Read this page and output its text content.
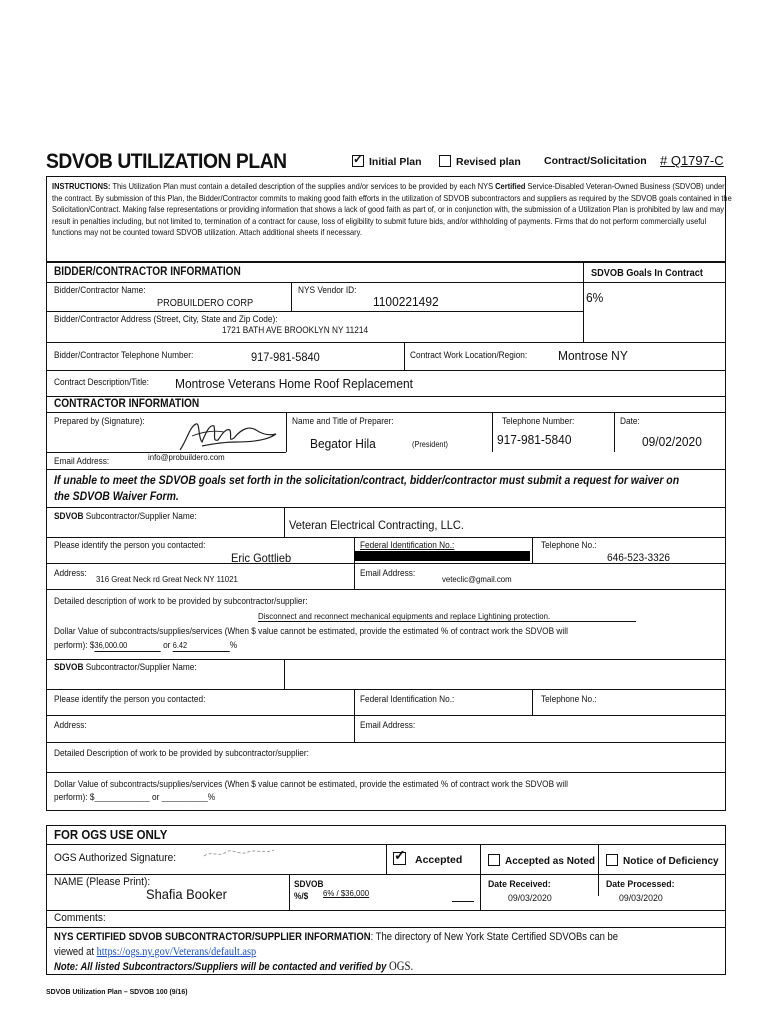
SDVOB UTILIZATION PLAN	✓ Initial Plan	Revised plan Contract/Solicitation # Q1797-C
INSTRUCTIONS: This Utilization Plan must contain a detailed description of the supplies and/or services to be provided by each NYS Certified Service-Disabled Veteran-Owned Business (SDVOB) under the contract. By submission of this Plan, the Bidder/Contractor commits to making good faith efforts in the utilization of SDVOB subcontractors and suppliers as required by the SDVOB goals contained in the Solicitation/Contract. Making false representations or providing information that shows a lack of good faith as part of, or in conjunction with, the submission of a Utilization Plan is prohibited by law and may result in penalties including, but not limited to, termination of a contract for cause, loss of eligibility to submit future bids, and/or withholding of payments. Firms that do not perform commercially useful functions may not be counted toward SDVOB utilization. Attach additional sheets if necessary.
BIDDER/CONTRACTOR INFORMATION	SDVOB Goals In Contract
Bidder/Contractor Name:
PROBUILDERO CORP
NYS Vendor ID:
1100221492	6%
Bidder/Contractor Address (Street, City, State and Zip Code):
1721 BATH AVE BROOKLYN NY 11214
Bidder/Contractor Telephone Number:	917-981-5840	Contract Work Location/Region: Montrose NY
Contract Description/Title: Montrose Veterans Home Roof Replacement
CONTRACTOR INFORMATION
Prepared by (Signature):	Name and Title of Preparer:
Begator Hila	(President)
Telephone Number:
917-981-5840
Date:
09/02/2020
Email Address:	info@probuildero.com
If unable to meet the SDVOB goals set forth in the solicitation/contract, bidder/contractor must submit a request for waiver on the SDVOB Waiver Form.
SDVOB Subcontractor/Supplier Name:
Veteran Electrical Contracting, LLC.
Please identify the person you contacted:
Eric Gottlieb
Federal Identification No.:	Telephone No.:
646-523-3326
Address:
316 Great Neck rd Great Neck NY 11021
Email Address:
veteclic@gmail.com
Detailed description of work to be provided by subcontractor/supplier:
Disconnect and reconnect mechanical equipments and replace Lightining protection.
Dollar Value of subcontracts/supplies/services (When $ value cannot be estimated, provide the estimated % of contract work the SDVOB will
perform): $36,000.00	or 6.42	%
SDVOB Subcontractor/Supplier Name:
Please identify the person you contacted:	Federal Identification No.:	Telephone No.:
Address:	Email Address:
Detailed Description of work to be provided by subcontractor/supplier:
Dollar Value of subcontracts/supplies/services (When $ value cannot be estimated, provide the estimated % of contract work the SDVOB will
perform): $____________ or __________%
FOR OGS USE ONLY
OGS Authorized Signature:	✓ Accepted	Accepted as Noted	Notice of Deficiency
NAME (Please Print):
Shafia Booker
SDVOB
%/$ 6% / $36,000
Date Received:
09/03/2020
Date Processed:
09/03/2020
Comments:
NYS CERTIFIED SDVOB SUBCONTRACTOR/SUPPLIER INFORMATION: The directory of New York State Certified SDVOBs can be
viewed at https://ogs.ny.gov/Veterans/default.asp
Note: All listed Subcontractors/Suppliers will be contacted and verified by OGS.
SDVOB Utilization Plan – SDVOB 100 (9/16)
